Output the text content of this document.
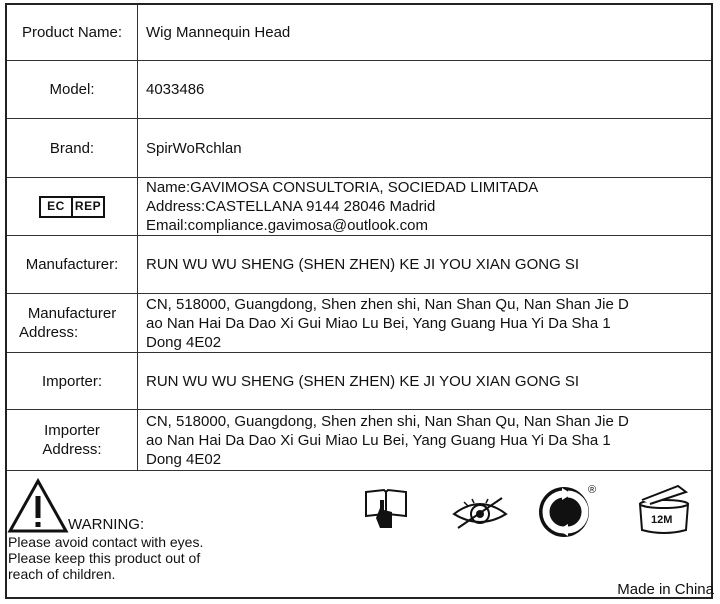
Product Name:	Wig Mannequin Head
Model:	4033486
Brand:	SpirWoRchlan

EC REP	Name:GAVIMOSA CONSULTORIA, SOCIEDAD LIMITADA
Address:CASTELLANA 9144 28046 Madrid
Email:compliance.gavimosa@outlook.com

Manufacturer:	RUN WU WU SHENG (SHEN ZHEN) KE JI YOU XIAN GONG SI

Manufacturer
Address:	CN, 518000, Guangdong, Shen zhen shi, Nan Shan Qu, Nan Shan Jie D
ao Nan Hai Da Dao Xi Gui Miao Lu Bei, Yang Guang Hua Yi Da Sha 1
Dong 4E02

Importer:	RUN WU WU SHENG (SHEN ZHEN) KE JI YOU XIAN GONG SI

Importer
Address:	CN, 518000, Guangdong, Shen zhen shi, Nan Shan Qu, Nan Shan Jie D
ao Nan Hai Da Dao Xi Gui Miao Lu Bei, Yang Guang Hua Yi Da Sha 1
Dong 4E02
WARNING:
Please avoid contact with eyes.
Please keep this product out of
reach of children.
®
12M
Made in China
